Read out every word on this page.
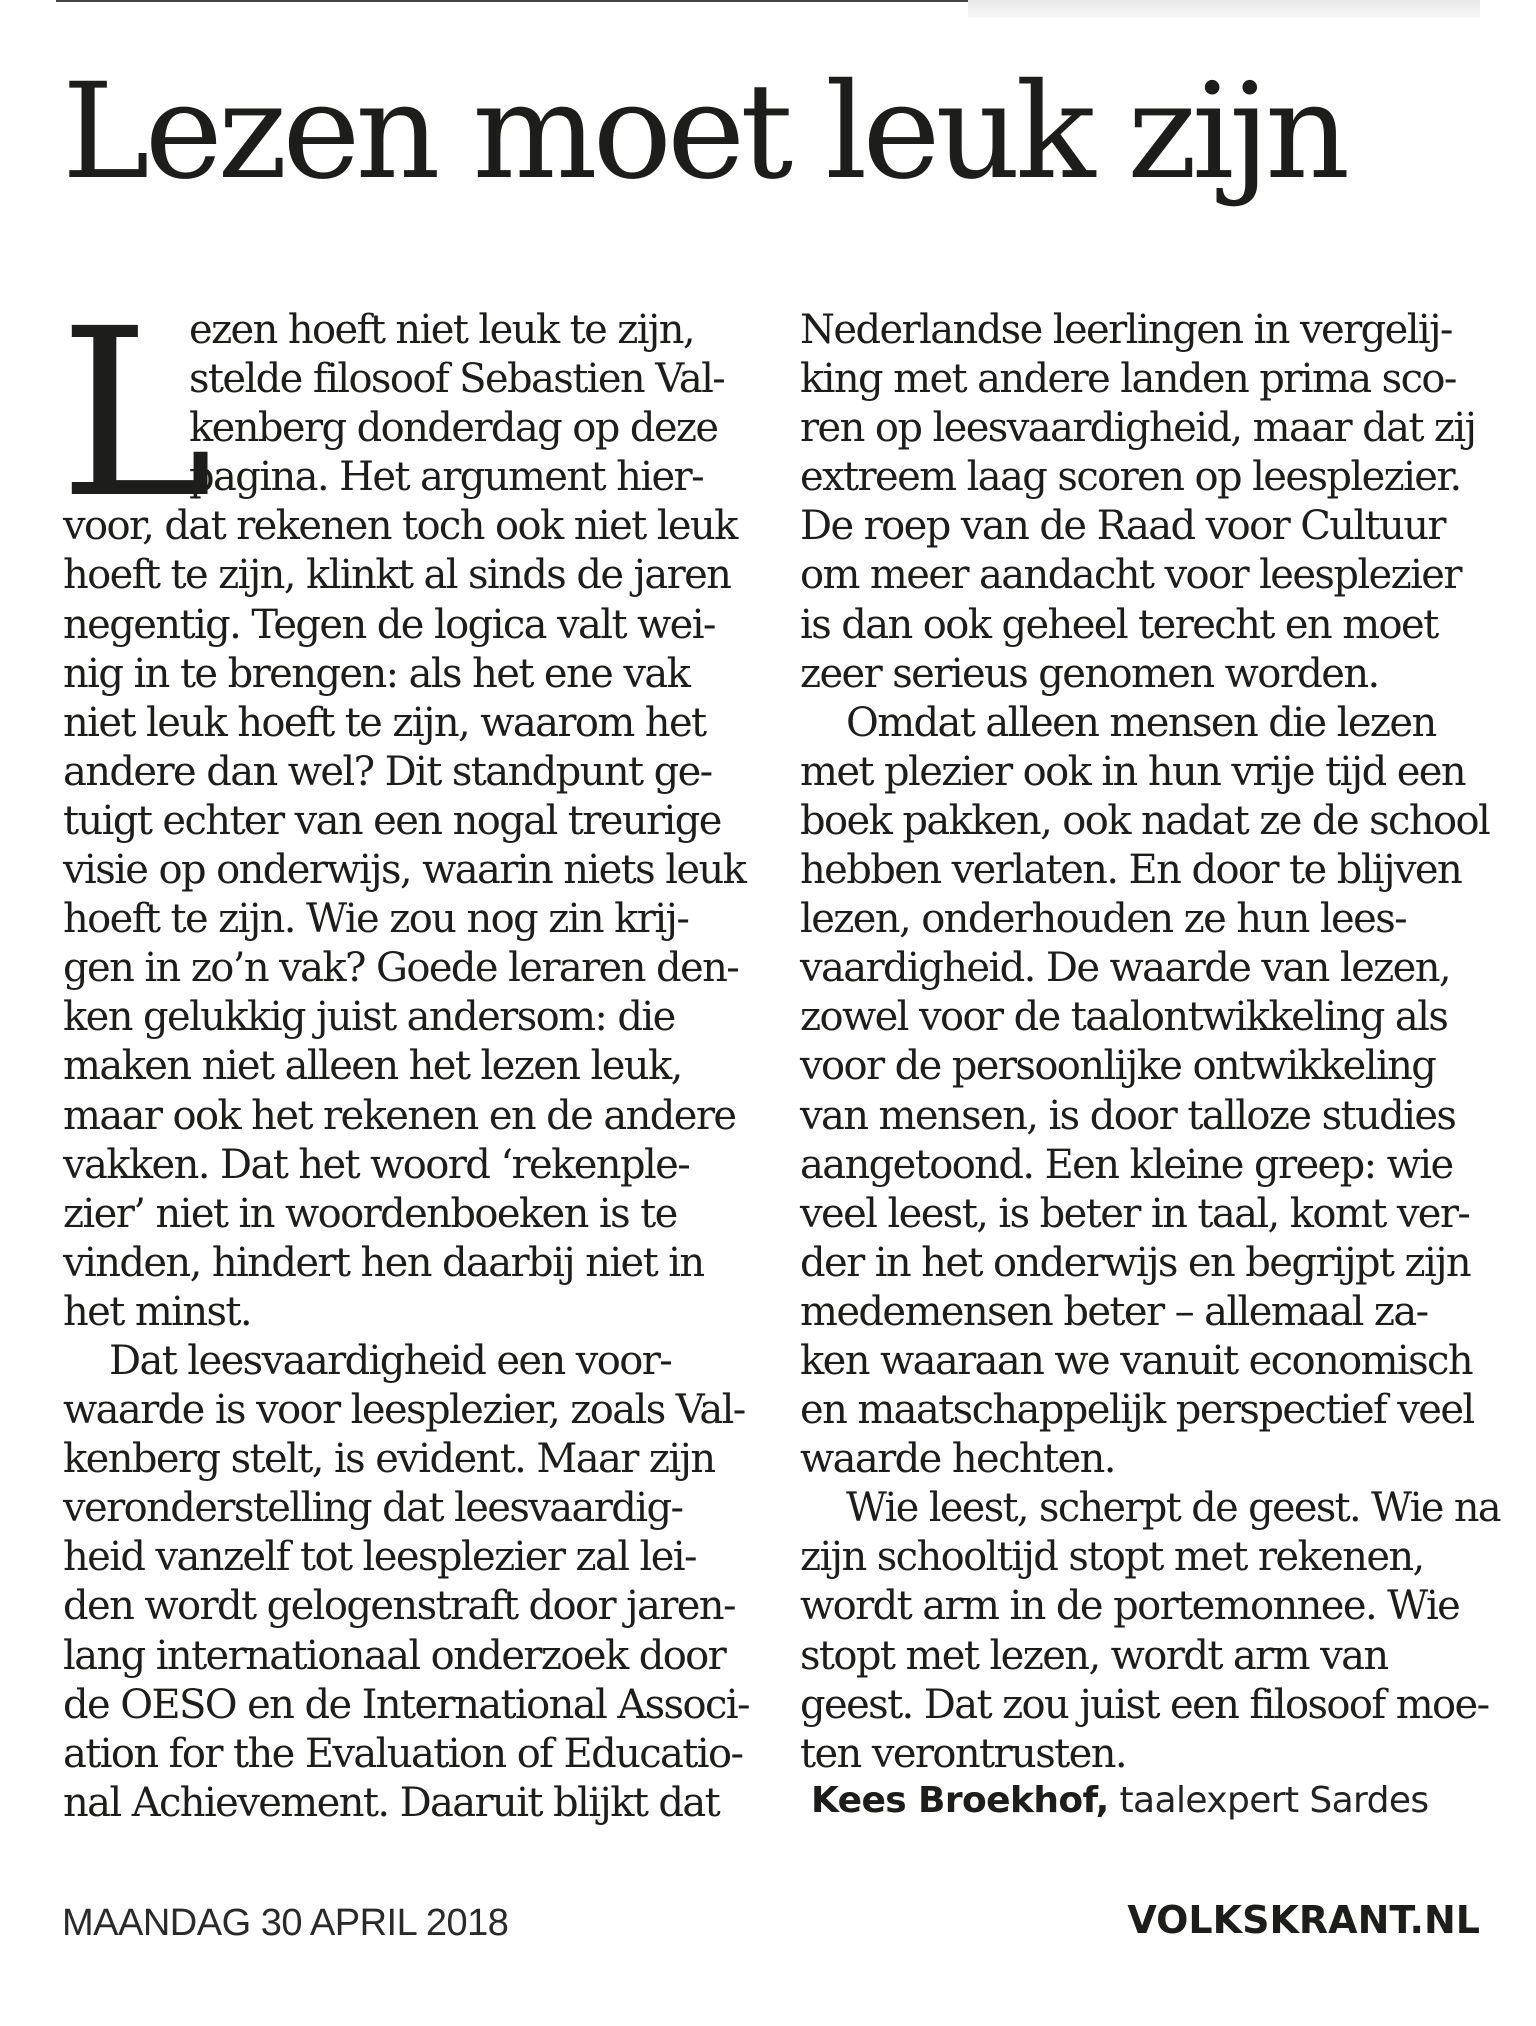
Lezen moet leuk zijn
L
ezen hoeft niet leuk te zijn,
stelde filosoof Sebastien Val-
kenberg donderdag op deze
pagina. Het argument hier-
voor, dat rekenen toch ook niet leuk
hoeft te zijn, klinkt al sinds de jaren
negentig. Tegen de logica valt wei-
nig in te brengen: als het ene vak
niet leuk hoeft te zijn, waarom het
andere dan wel? Dit standpunt ge-
tuigt echter van een nogal treurige
visie op onderwijs, waarin niets leuk
hoeft te zijn. Wie zou nog zin krij-
gen in zo’n vak? Goede leraren den-
ken gelukkig juist andersom: die
maken niet alleen het lezen leuk,
maar ook het rekenen en de andere
vakken. Dat het woord ‘rekenple-
zier’ niet in woordenboeken is te
vinden, hindert hen daarbij niet in
het minst.
Dat leesvaardigheid een voor-
waarde is voor leesplezier, zoals Val-
kenberg stelt, is evident. Maar zijn
veronderstelling dat leesvaardig-
heid vanzelf tot leesplezier zal lei-
den wordt gelogenstraft door jaren-
lang internationaal onderzoek door
de OESO en de International Associ-
ation for the Evaluation of Educatio-
nal Achievement. Daaruit blijkt dat
Nederlandse leerlingen in vergelij-
king met andere landen prima sco-
ren op leesvaardigheid, maar dat zij
extreem laag scoren op leesplezier.
De roep van de Raad voor Cultuur
om meer aandacht voor leesplezier
is dan ook geheel terecht en moet
zeer serieus genomen worden.
Omdat alleen mensen die lezen
met plezier ook in hun vrije tijd een
boek pakken, ook nadat ze de school
hebben verlaten. En door te blijven
lezen, onderhouden ze hun lees-
vaardigheid. De waarde van lezen,
zowel voor de taalontwikkeling als
voor de persoonlijke ontwikkeling
van mensen, is door talloze studies
aangetoond. Een kleine greep: wie
veel leest, is beter in taal, komt ver-
der in het onderwijs en begrijpt zijn
medemensen beter – allemaal za-
ken waaraan we vanuit economisch
en maatschappelijk perspectief veel
waarde hechten.
Wie leest, scherpt de geest. Wie na
zijn schooltijd stopt met rekenen,
wordt arm in de portemonnee. Wie
stopt met lezen, wordt arm van
geest. Dat zou juist een filosoof moe-
ten verontrusten.
Kees Broekhof, taalexpert Sardes
MAANDAG 30 APRIL 2018	VOLKSKRANT.NL
